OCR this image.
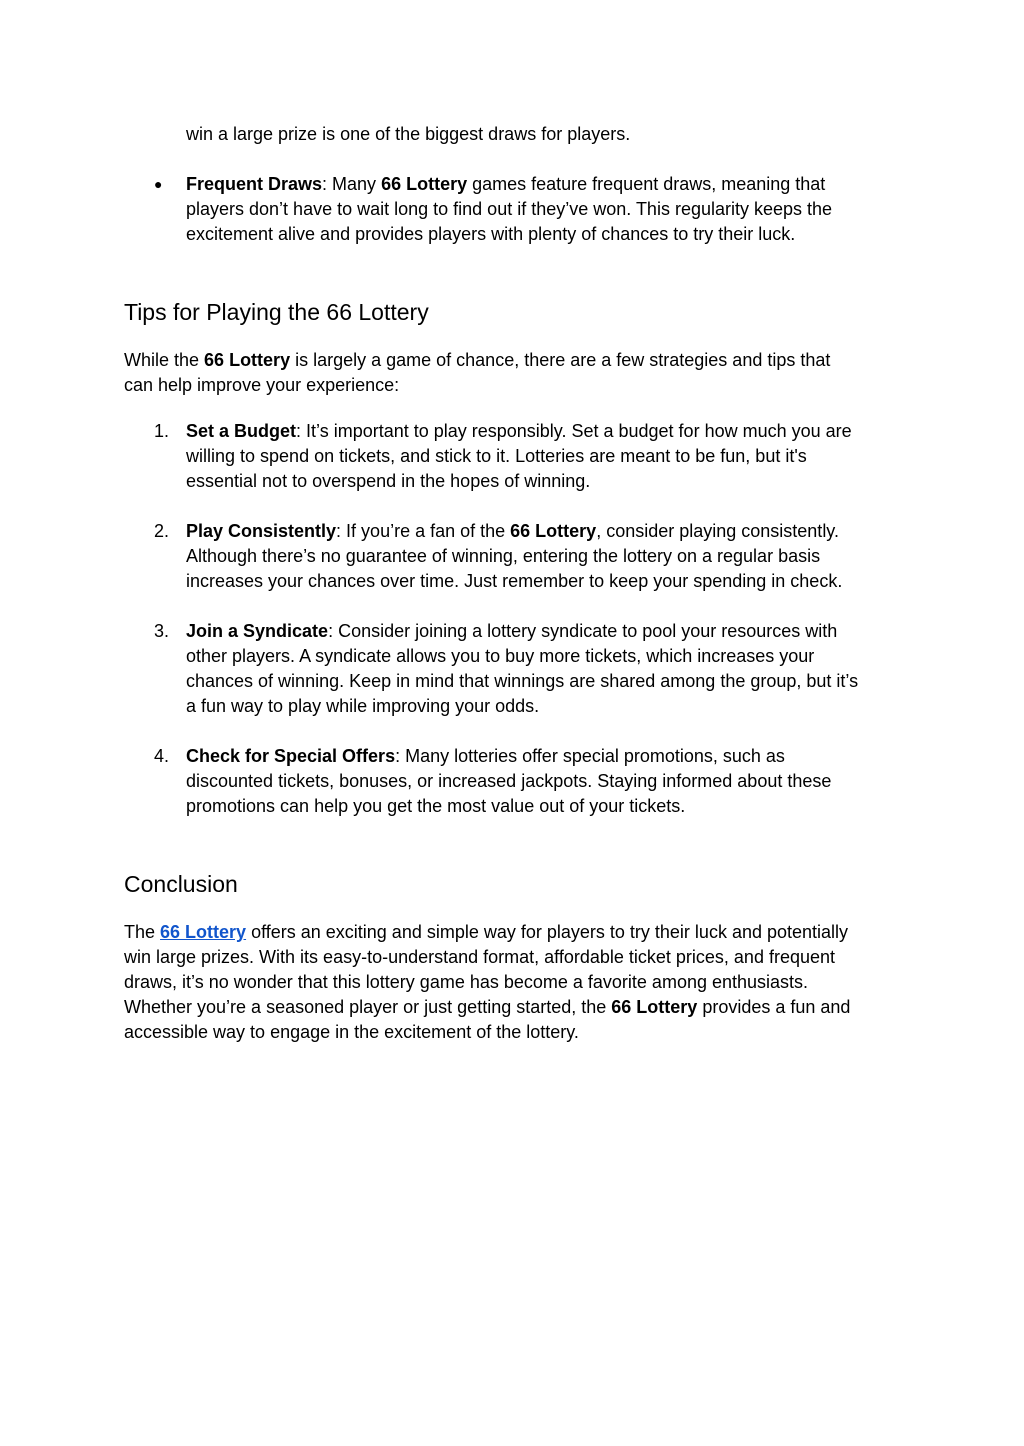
win a large prize is one of the biggest draws for players.
● Frequent Draws: Many 66 Lottery games feature frequent draws, meaning that
players don’t have to wait long to find out if they’ve won. This regularity keeps the
excitement alive and provides players with plenty of chances to try their luck.
Tips for Playing the 66 Lottery
While the 66 Lottery is largely a game of chance, there are a few strategies and tips that
can help improve your experience:
1. Set a Budget: It’s important to play responsibly. Set a budget for how much you are
willing to spend on tickets, and stick to it. Lotteries are meant to be fun, but it's
essential not to overspend in the hopes of winning.
2. Play Consistently: If you’re a fan of the 66 Lottery, consider playing consistently.
Although there’s no guarantee of winning, entering the lottery on a regular basis
increases your chances over time. Just remember to keep your spending in check.
3. Join a Syndicate: Consider joining a lottery syndicate to pool your resources with
other players. A syndicate allows you to buy more tickets, which increases your
chances of winning. Keep in mind that winnings are shared among the group, but it’s
a fun way to play while improving your odds.
4. Check for Special Offers: Many lotteries offer special promotions, such as
discounted tickets, bonuses, or increased jackpots. Staying informed about these
promotions can help you get the most value out of your tickets.
Conclusion
The 66 Lottery offers an exciting and simple way for players to try their luck and potentially
win large prizes. With its easy-to-understand format, affordable ticket prices, and frequent
draws, it’s no wonder that this lottery game has become a favorite among enthusiasts.
Whether you’re a seasoned player or just getting started, the 66 Lottery provides a fun and
accessible way to engage in the excitement of the lottery.
